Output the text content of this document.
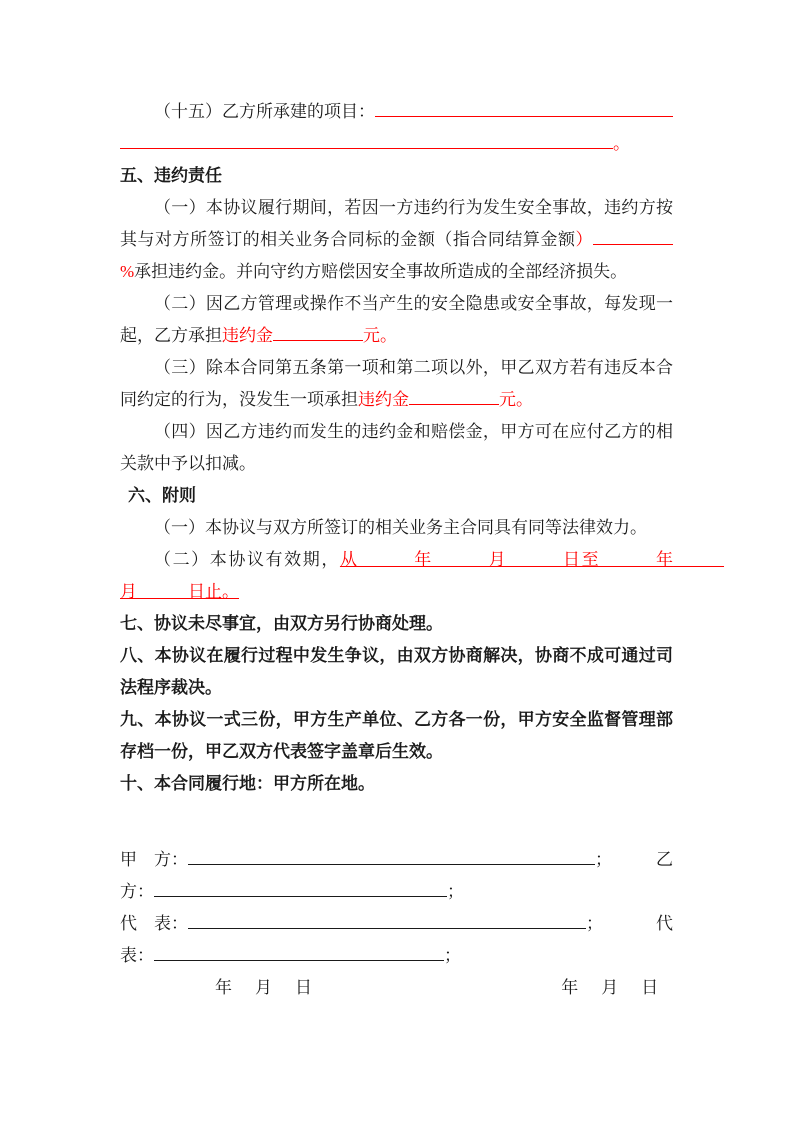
（十五）乙方所承建的项目：
。

五、违约责任

（一）本协议履行期间，若因一方违约行为发生安全事故，违约方按其与对方所签订的相关业务合同标的金额（指合同结算金额）%承担违约金。并向守约方赔偿因安全事故所造成的全部经济损失。

（二）因乙方管理或操作不当产生的安全隐患或安全事故，每发现一起，乙方承担违约金	元。

（三）除本合同第五条第一项和第二项以外，甲乙双方若有违反本合同约定的行为，没发生一项承担违约金	元。

（四）因乙方违约而发生的违约金和赔偿金，甲方可在应付乙方的相关款中予以扣减。

六、附则

（一）本协议与双方所签订的相关业务主合同具有同等法律效力。

（二）本协议有效期，从　　　年　　　月　　　日至　　　年　　　月　　　日止。

七、协议未尽事宜，由双方另行协商处理。

八、本协议在履行过程中发生争议，由双方协商解决，协商不成可通过司法程序裁决。

九、本协议一式三份，甲方生产单位、乙方各一份，甲方安全监督管理部存档一份，甲乙双方代表签字盖章后生效。

十、本合同履行地：甲方所在地。

甲　方：	；	乙
方：	；
代　表：	；	代
表：	；
年 月 日	年 月 日
